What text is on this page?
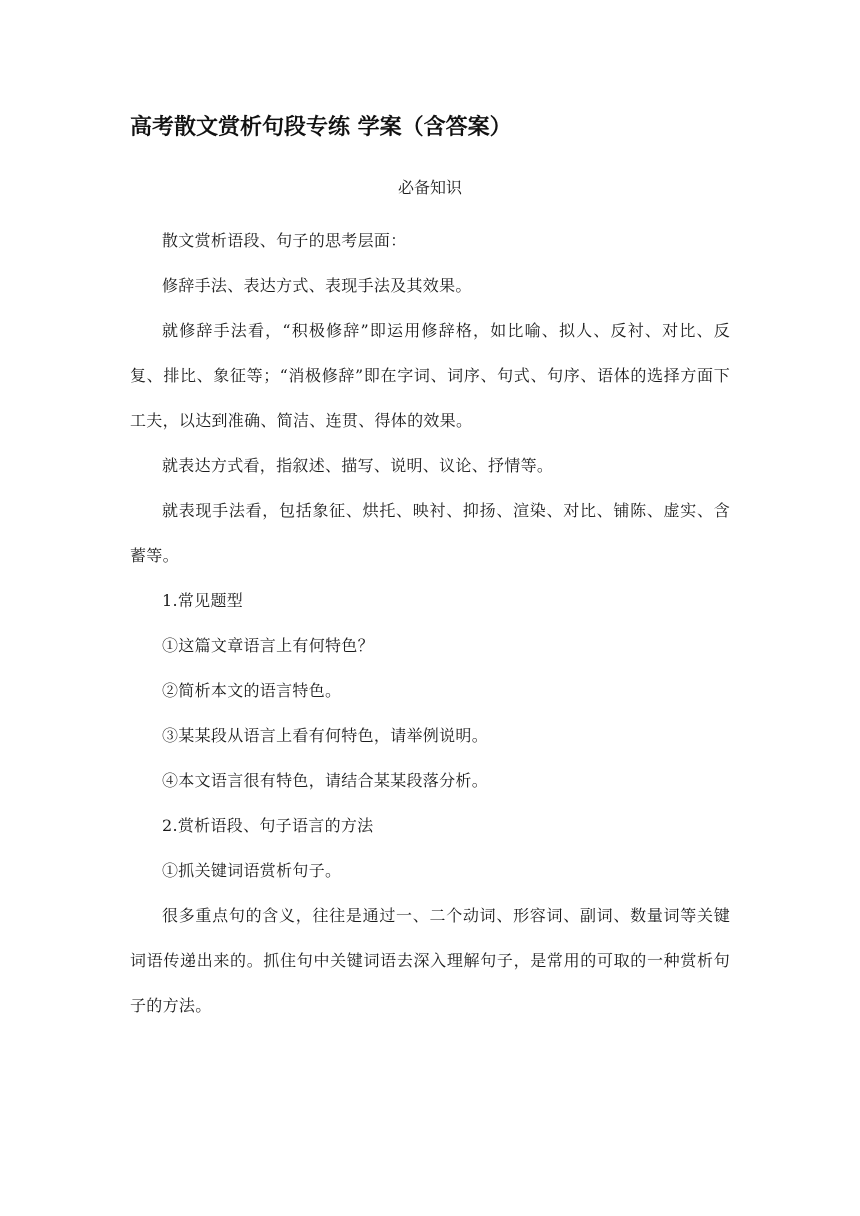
高考散文赏析句段专练 学案（含答案）
必备知识

散文赏析语段、句子的思考层面：

修辞手法、表达方式、表现手法及其效果。

就修辞手法看，“积极修辞”即运用修辞格，如比喻、拟人、反衬、对比、反复、排比、象征等；“消极修辞”即在字词、词序、句式、句序、语体的选择方面下工夫，以达到准确、简洁、连贯、得体的效果。

就表达方式看，指叙述、描写、说明、议论、抒情等。

就表现手法看，包括象征、烘托、映衬、抑扬、渲染、对比、铺陈、虚实、含蓄等。

1.常见题型

①这篇文章语言上有何特色？

②简析本文的语言特色。

③某某段从语言上看有何特色，请举例说明。

④本文语言很有特色，请结合某某段落分析。

2.赏析语段、句子语言的方法

①抓关键词语赏析句子。

很多重点句的含义，往往是通过一、二个动词、形容词、副词、数量词等关键词语传递出来的。抓住句中关键词语去深入理解句子，是常用的可取的一种赏析句子的方法。
